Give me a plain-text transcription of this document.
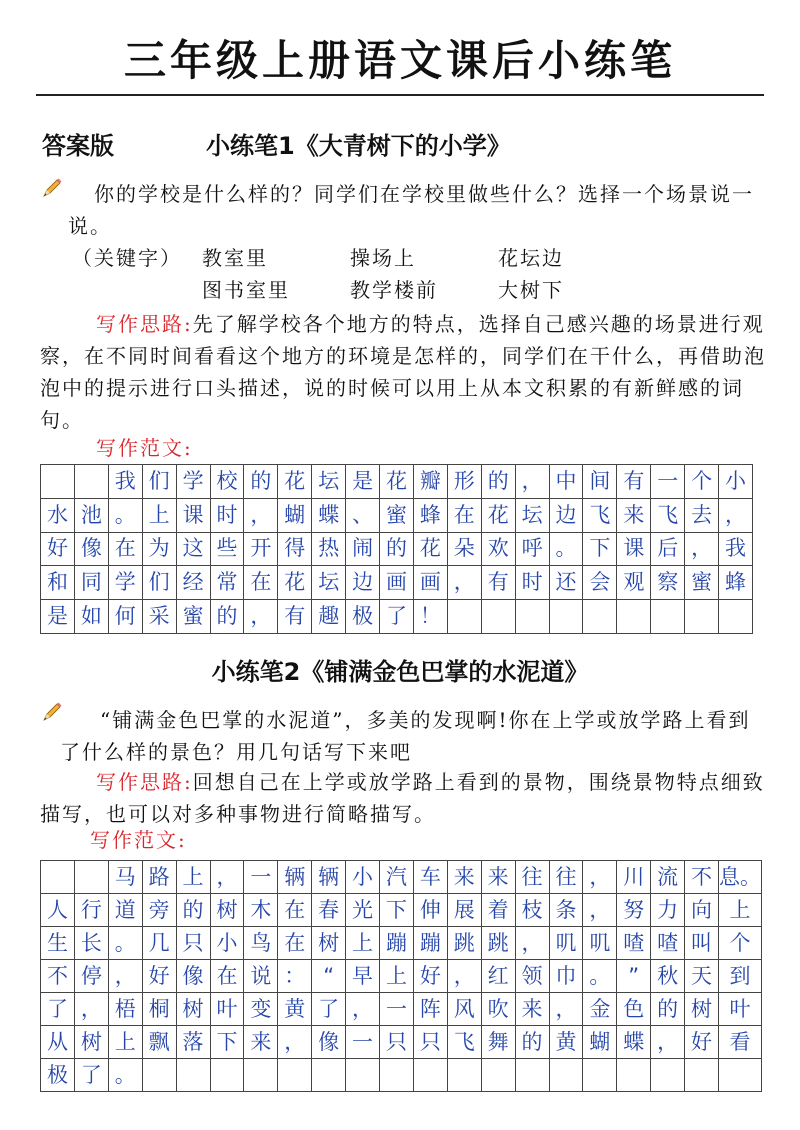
三年级上册语文课后小练笔
答案版	小练笔1《大青树下的小学》
你的学校是什么样的？同学们在学校里做些什么？选择一个场景说一说。
（关键字） 教室里	操场上	花坛边
图书室里	教学楼前	大树下
写作思路:先了解学校各个地方的特点，选择自己感兴趣的场景进行观察，在不同时间看看这个地方的环境是怎样的，同学们在干什么，再借助泡泡中的提示进行口头描述，说的时候可以用上从本文积累的有新鲜感的词句。
写作范文:
我 们 学 校 的 花 坛 是 花 瓣 形 的 ， 中 间 有 一 个 小
水 池 。 上 课 时 ， 蝴 蝶 、 蜜 蜂 在 花 坛 边 飞 来 飞 去 ，
好 像 在 为 这 些 开 得 热 闹 的 花 朵 欢 呼 。 下 课 后 ， 我
和 同 学 们 经 常 在 花 坛 边 画 画 ， 有 时 还 会 观 察 蜜 蜂
是 如 何 采 蜜 的 ， 有 趣 极 了 ！
小练笔2《铺满金色巴掌的水泥道》
“铺满金色巴掌的水泥道”，多美的发现啊!你在上学或放学路上看到了什么样的景色？用几句话写下来吧
写作思路:回想自己在上学或放学路上看到的景物，围绕景物特点细致描写，也可以对多种事物进行简略描写。
写作范文:
马 路 上 ， 一 辆 辆 小 汽 车 来 来 往 往 ， 川 流 不 息。
人 行 道 旁 的 树 木 在 春 光 下 伸 展 着 枝 条 ， 努 力 向 上
生 长 。 几 只 小 鸟 在 树 上 蹦 蹦 跳 跳 ， 叽 叽 喳 喳 叫 个
不 停 ， 好 像 在 说 ： “ 早 上 好 ， 红 领 巾 。 ” 秋 天 到
了 ， 梧 桐 树 叶 变 黄 了 ， 一 阵 风 吹 来 ， 金 色 的 树 叶
从 树 上 飘 落 下 来 ， 像 一 只 只 飞 舞 的 黄 蝴 蝶 ， 好 看
极 了 。
